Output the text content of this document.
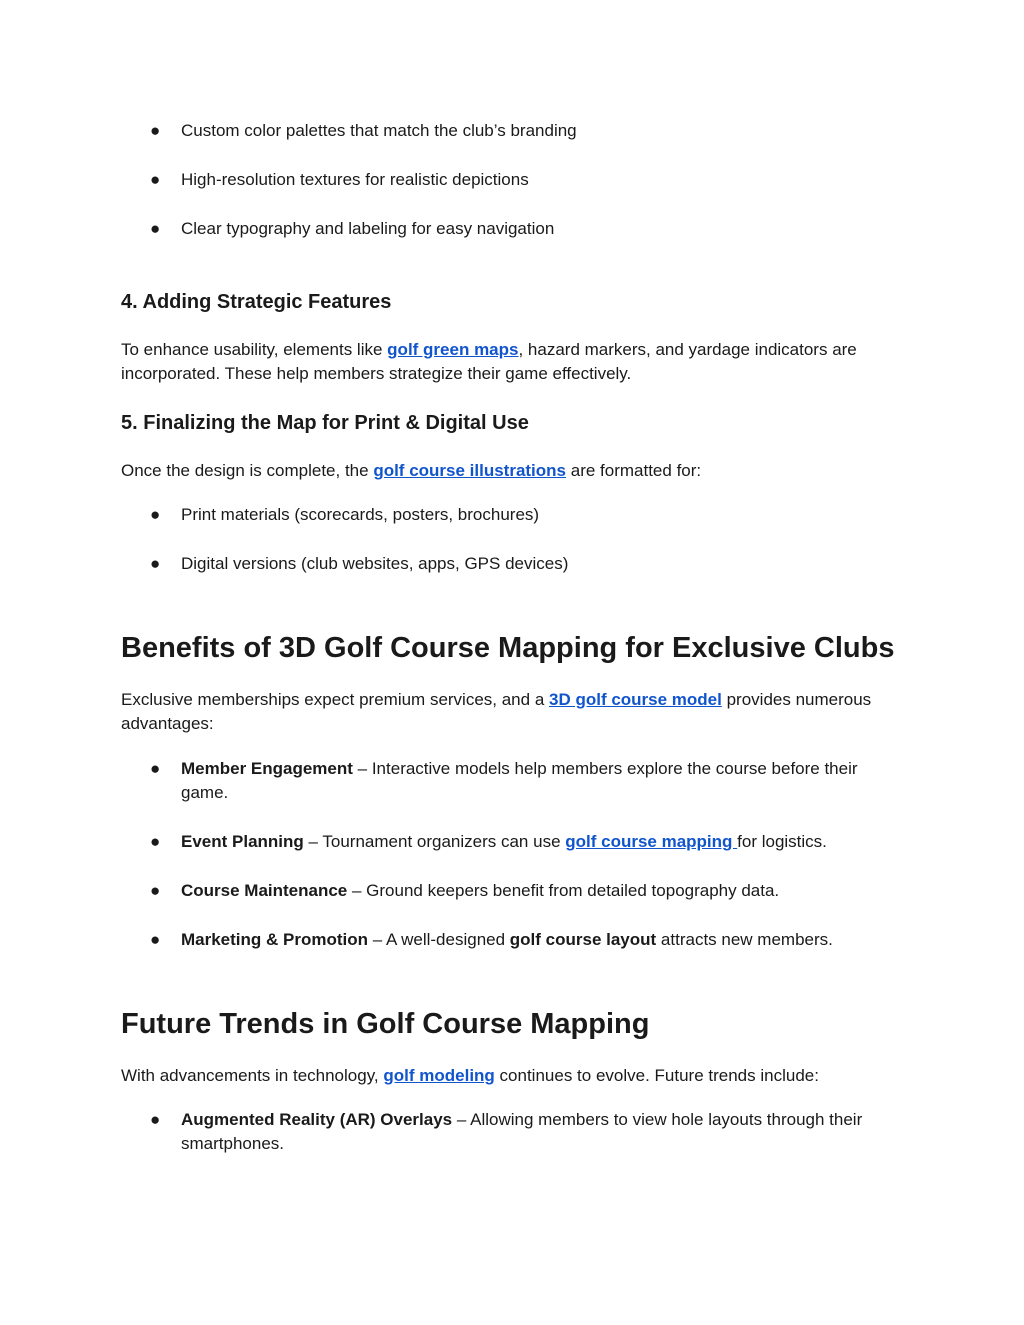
● Custom color palettes that match the club’s branding
● High-resolution textures for realistic depictions
● Clear typography and labeling for easy navigation
4. Adding Strategic Features

To enhance usability, elements like golf green maps, hazard markers, and yardage indicators are incorporated. These help members strategize their game effectively.

5. Finalizing the Map for Print & Digital Use

Once the design is complete, the golf course illustrations are formatted for:

● Print materials (scorecards, posters, brochures)
● Digital versions (club websites, apps, GPS devices)
Benefits of 3D Golf Course Mapping for Exclusive Clubs

Exclusive memberships expect premium services, and a 3D golf course model provides numerous advantages:

● Member Engagement – Interactive models help members explore the course before their game.
● Event Planning – Tournament organizers can use golf course mapping for logistics.
● Course Maintenance – Ground keepers benefit from detailed topography data.
● Marketing & Promotion – A well-designed golf course layout attracts new members.
Future Trends in Golf Course Mapping

With advancements in technology, golf modeling continues to evolve. Future trends include:

● Augmented Reality (AR) Overlays – Allowing members to view hole layouts through their smartphones.
